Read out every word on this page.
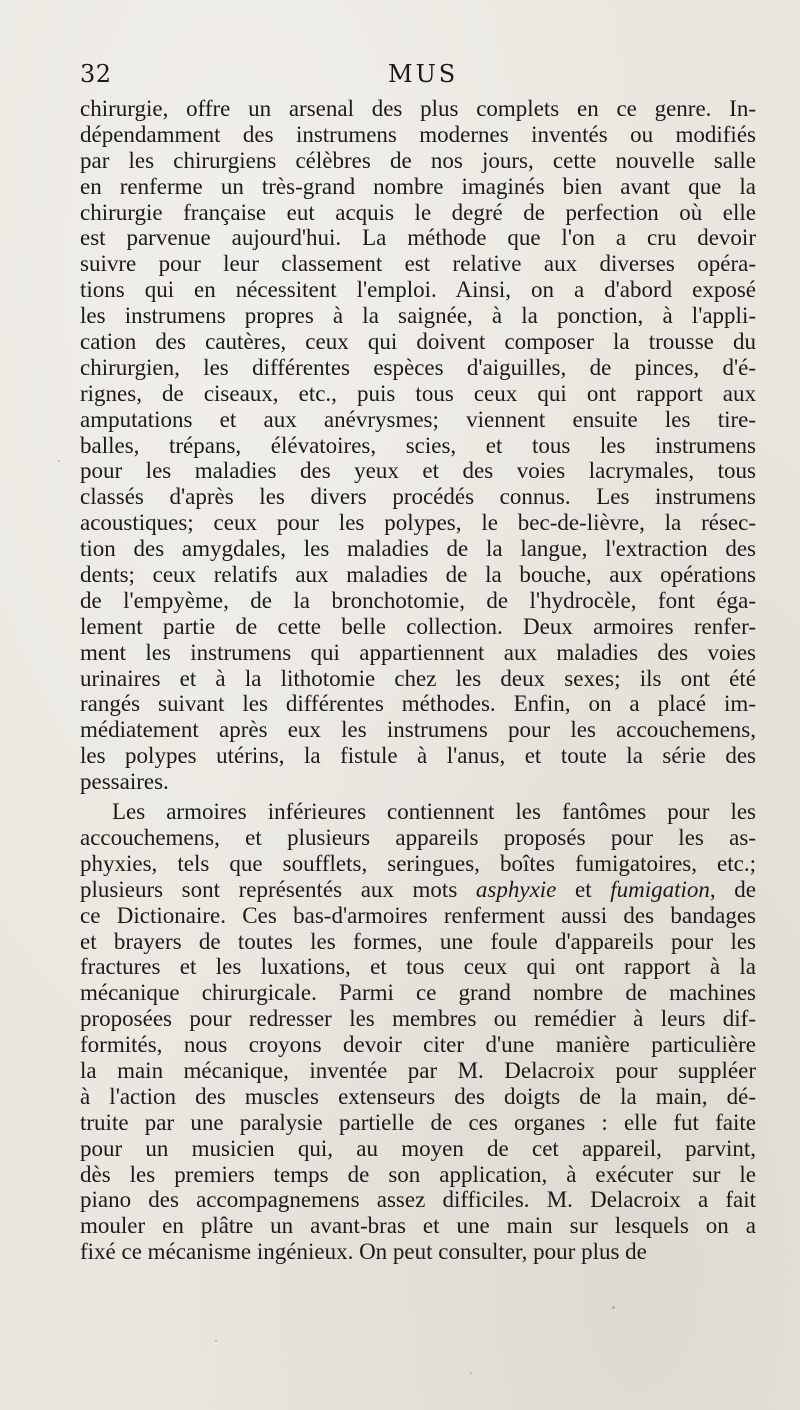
32	MUS
chirurgie, offre un arsenal des plus complets en ce genre. In-
dépendamment des instrumens modernes inventés ou modifiés
par les chirurgiens célèbres de nos jours, cette nouvelle salle
en renferme un très-grand nombre imaginés bien avant que la
chirurgie française eut acquis le degré de perfection où elle
est parvenue aujourd'hui. La méthode que l'on a cru devoir
suivre pour leur classement est relative aux diverses opéra-
tions qui en nécessitent l'emploi. Ainsi, on a d'abord exposé
les instrumens propres à la saignée, à la ponction, à l'appli-
cation des cautères, ceux qui doivent composer la trousse du
chirurgien, les différentes espèces d'aiguilles, de pinces, d'é-
rignes, de ciseaux, etc., puis tous ceux qui ont rapport aux
amputations et aux anévrysmes; viennent ensuite les tire-
balles, trépans, élévatoires, scies, et tous les instrumens
pour les maladies des yeux et des voies lacrymales, tous
classés d'après les divers procédés connus. Les instrumens
acoustiques; ceux pour les polypes, le bec-de-lièvre, la résec-
tion des amygdales, les maladies de la langue, l'extraction des
dents; ceux relatifs aux maladies de la bouche, aux opérations
de l'empyème, de la bronchotomie, de l'hydrocèle, font éga-
lement partie de cette belle collection. Deux armoires renfer-
ment les instrumens qui appartiennent aux maladies des voies
urinaires et à la lithotomie chez les deux sexes; ils ont été
rangés suivant les différentes méthodes. Enfin, on a placé im-
médiatement après eux les instrumens pour les accouchemens,
les polypes utérins, la fistule à l'anus, et toute la série des
pessaires.
Les armoires inférieures contiennent les fantômes pour les
accouchemens, et plusieurs appareils proposés pour les as-
phyxies, tels que soufflets, seringues, boîtes fumigatoires, etc.;
plusieurs sont représentés aux mots asphyxie et fumigation, de
ce Dictionaire. Ces bas-d'armoires renferment aussi des bandages
et brayers de toutes les formes, une foule d'appareils pour les
fractures et les luxations, et tous ceux qui ont rapport à la
mécanique chirurgicale. Parmi ce grand nombre de machines
proposées pour redresser les membres ou remédier à leurs dif-
formités, nous croyons devoir citer d'une manière particulière
la main mécanique, inventée par M. Delacroix pour suppléer
à l'action des muscles extenseurs des doigts de la main, dé-
truite par une paralysie partielle de ces organes : elle fut faite
pour un musicien qui, au moyen de cet appareil, parvint,
dès les premiers temps de son application, à exécuter sur le
piano des accompagnemens assez difficiles. M. Delacroix a fait
mouler en plâtre un avant-bras et une main sur lesquels on a
fixé ce mécanisme ingénieux. On peut consulter, pour plus de
